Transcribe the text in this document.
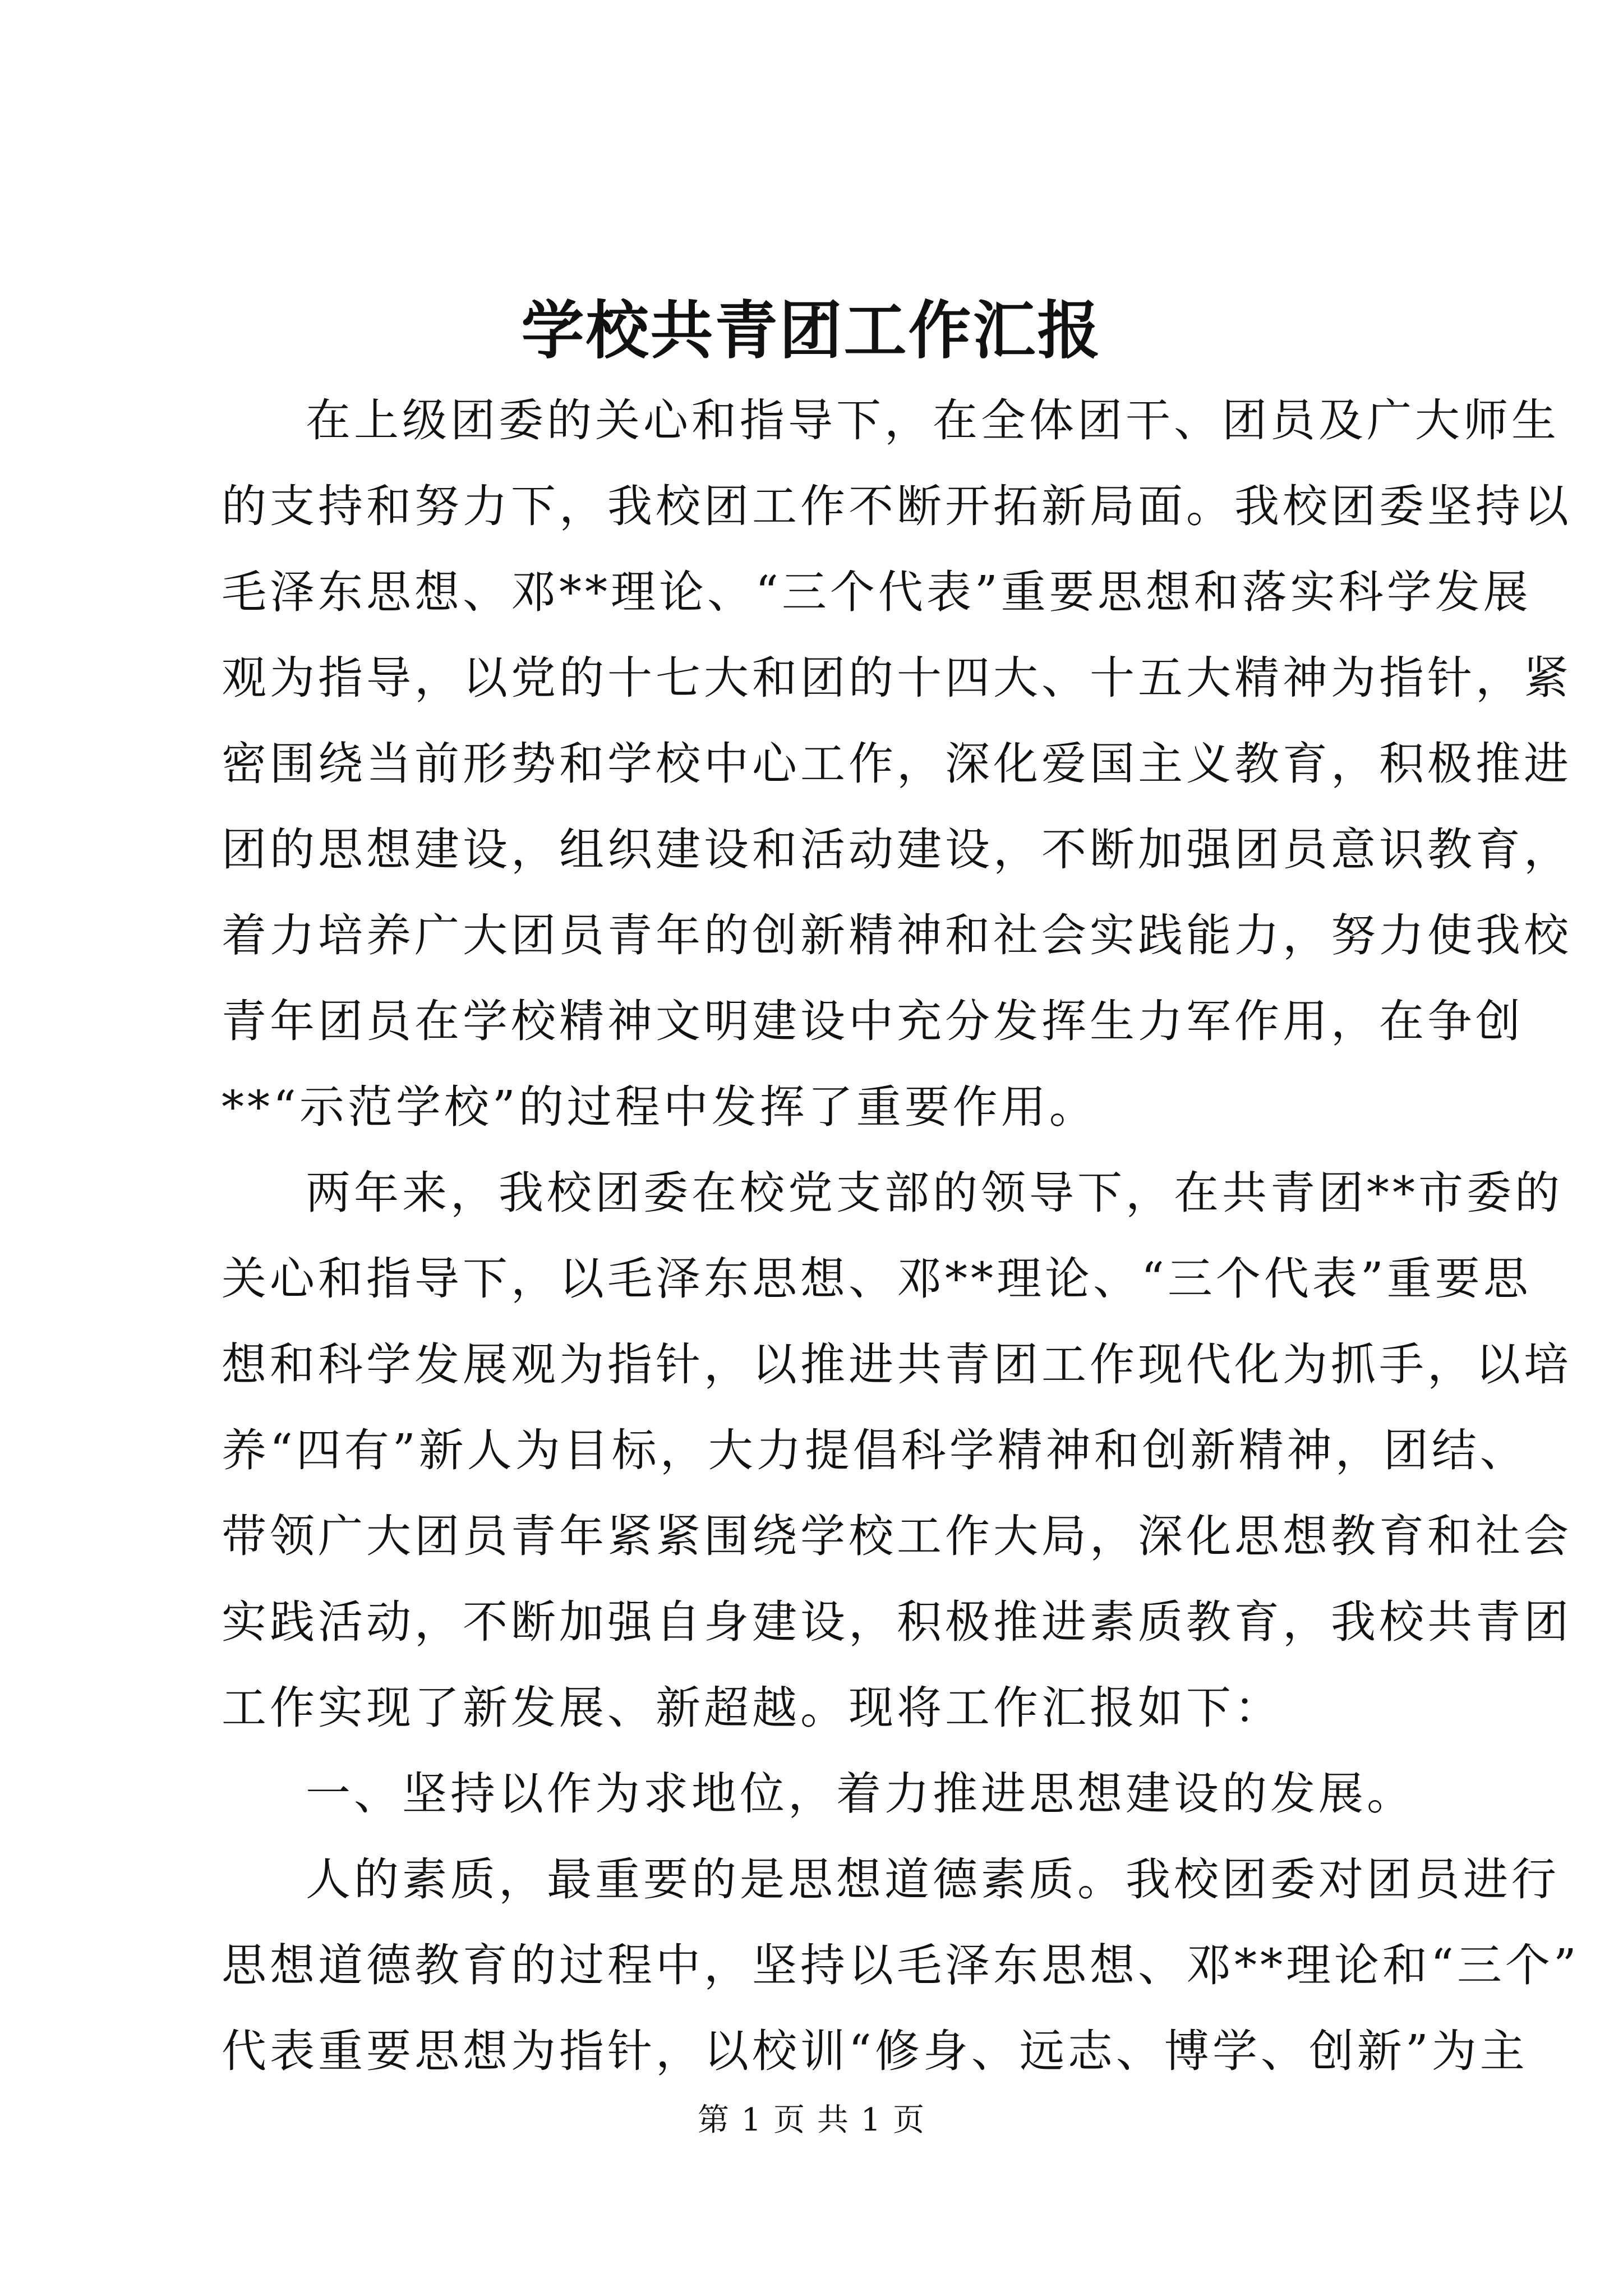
学校共青团工作汇报

在上级团委的关心和指导下，在全体团干、团员及广大师生

的支持和努力下，我校团工作不断开拓新局面。我校团委坚持以

毛泽东思想、邓**理论、“三个代表”重要思想和落实科学发展

观为指导，以党的十七大和团的十四大、十五大精神为指针，紧

密围绕当前形势和学校中心工作，深化爱国主义教育，积极推进

团的思想建设，组织建设和活动建设，不断加强团员意识教育，

着力培养广大团员青年的创新精神和社会实践能力，努力使我校

青年团员在学校精神文明建设中充分发挥生力军作用，在争创

**“示范学校”的过程中发挥了重要作用。

两年来，我校团委在校党支部的领导下，在共青团**市委的

关心和指导下，以毛泽东思想、邓**理论、“三个代表”重要思

想和科学发展观为指针，以推进共青团工作现代化为抓手，以培

养“四有”新人为目标，大力提倡科学精神和创新精神，团结、

带领广大团员青年紧紧围绕学校工作大局，深化思想教育和社会

实践活动，不断加强自身建设，积极推进素质教育，我校共青团

工作实现了新发展、新超越。现将工作汇报如下：

一、坚持以作为求地位，着力推进思想建设的发展。

人的素质，最重要的是思想道德素质。我校团委对团员进行

思想道德教育的过程中，坚持以毛泽东思想、邓**理论和“三个”

代表重要思想为指针，以校训“修身、远志、博学、创新”为主

第 1 页 共 1 页
